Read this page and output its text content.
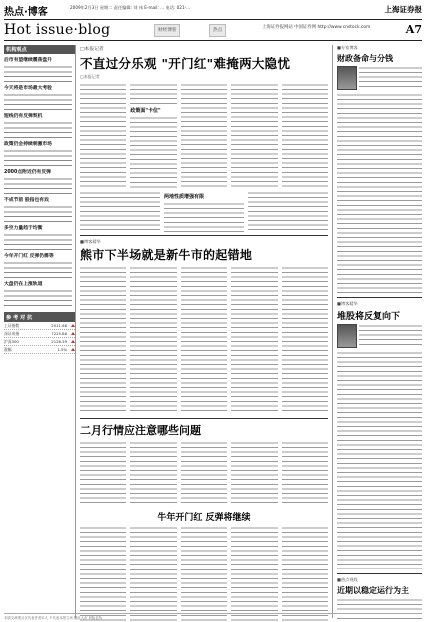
热点·博客	2009年2月3日 星期二 责任编辑: 刘 伟 E-mail: ... 电话: 021-...	上海证券报
Hot issue·blog	财经博客	热点
上海证券报网站 中国证券网 http://www.cnstock.com	A7
机构观点
后市有望继续震荡盘升
今天将是市场最大考验
短线仍有反弹契机
政策仍会持续刺激市场
2000点附近仍有反弹
不成节前 股指也有戏
多空力量趋于均衡
今年开门红 反弹仍需等
大盘仍在上涨轨道
参 考 对 抗
上证指数	2011.68
深证成指	7225.86
沪深300	2128.59
涨幅	1.5%
□本报记者
不直过分乐观 "开门红"难掩两大隐忧
□本报记者
政策面"卡位"
两地性质增强有限
■博客精华
熊市下半场就是新牛市的起错地
二月行情应注意哪些问题
牛年开门红 反弹将继续
■专家博客
财政备命与分钱
■博客精华
堆股将反复向下
■热点视线
近期以稳定运行为主
本版文章观点仅代表作者本人 不代表本报立场 据此入市 风险自负
